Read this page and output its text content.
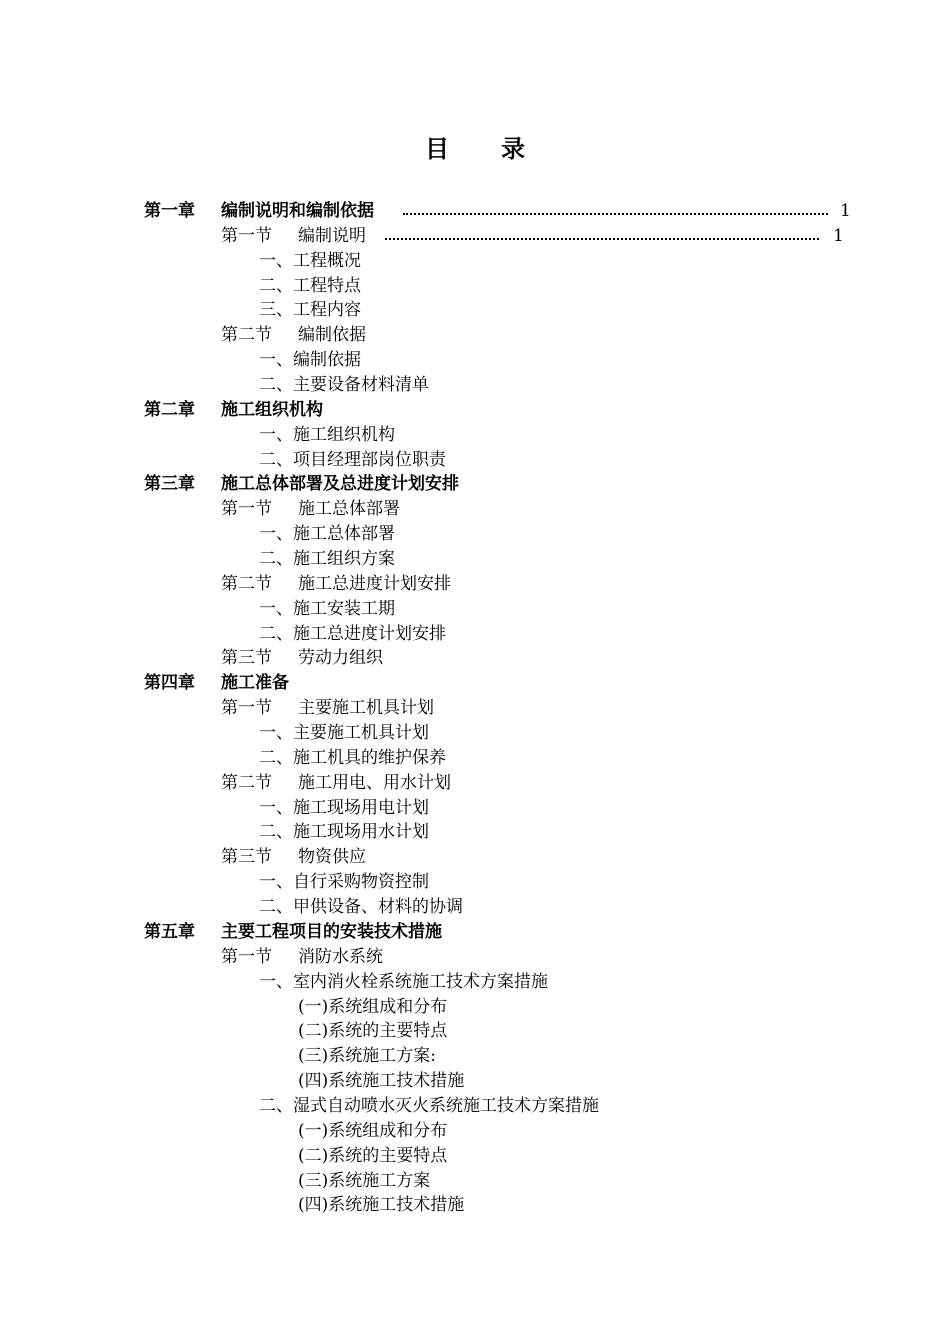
目 录
第一章 编制说明和编制依据	1
第一节 编制说明	1
一、工程概况
二、工程特点
三、工程内容
第二节 编制依据
一、编制依据
二、主要设备材料清单
第二章 施工组织机构
一、施工组织机构
二、项目经理部岗位职责
第三章 施工总体部署及总进度计划安排
第一节 施工总体部署
一、施工总体部署
二、施工组织方案
第二节 施工总进度计划安排
一、施工安装工期
二、施工总进度计划安排
第三节 劳动力组织
第四章 施工准备
第一节 主要施工机具计划
一、主要施工机具计划
二、施工机具的维护保养
第二节 施工用电、用水计划
一、施工现场用电计划
二、施工现场用水计划
第三节 物资供应
一、自行采购物资控制
二、甲供设备、材料的协调
第五章 主要工程项目的安装技术措施
第一节 消防水系统
一、室内消火栓系统施工技术方案措施
(一)系统组成和分布
(二)系统的主要特点
(三)系统施工方案:
(四)系统施工技术措施
二、湿式自动喷水灭火系统施工技术方案措施
(一)系统组成和分布
(二)系统的主要特点
(三)系统施工方案
(四)系统施工技术措施
